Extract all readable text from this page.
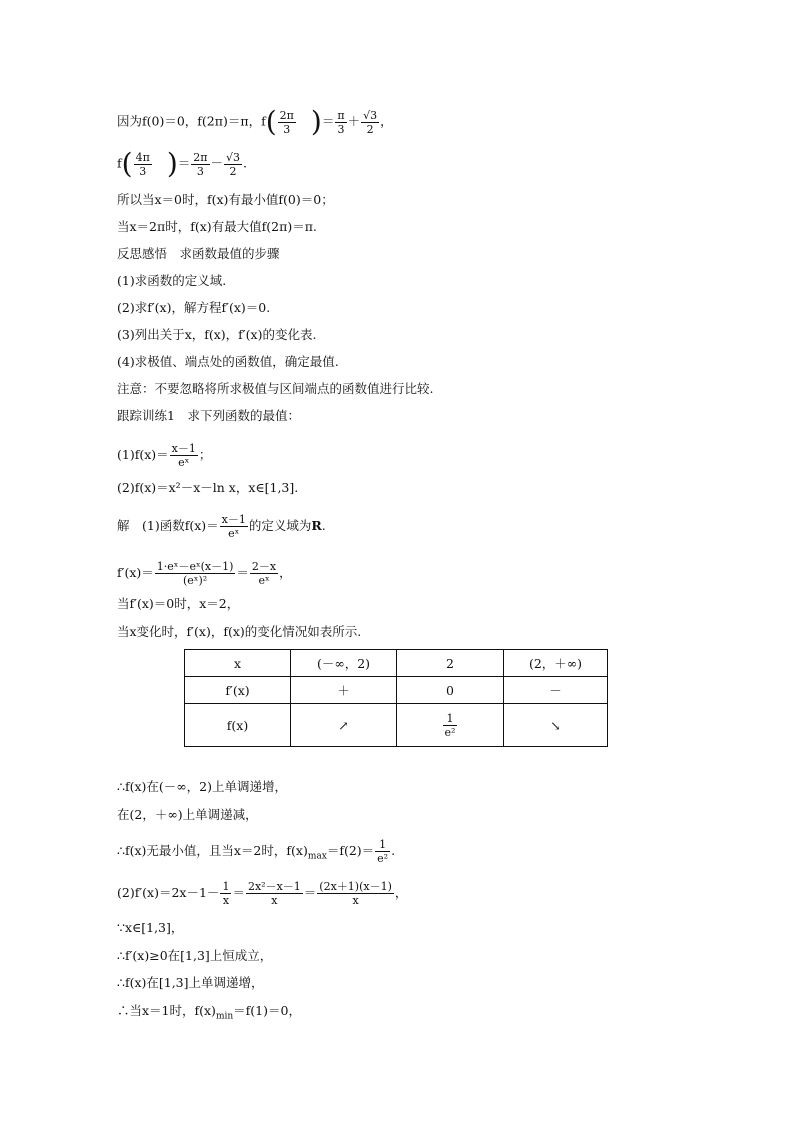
因为f(0)＝0，f(2π)＝π，$f( \frac{2\pi}{3}$ )＝ $\frac{\pi}{3} + \frac{√3}{2}$ ，
$f( \frac{4\pi}{3}$ )＝ $\frac{2\pi}{3} - \frac{√3}{2}$ .
所以当x＝0时，f(x)有最小值f(0)＝0；
当x＝2π时，f(x)有最大值f(2π)＝π.
反思感悟　求函数最值的步骤
(1)求函数的定义域.
(2)求f′(x)，解方程f′(x)＝0.
(3)列出关于x，f(x)，f′(x)的变化表.
(4)求极值、端点处的函数值，确定最值.
注意：不要忽略将所求极值与区间端点的函数值进行比较.
跟踪训练1　求下列函数的最值：
$(1)f(x)= \frac{x-1}{\text{eˣ}}$ ；
(2)f(x)＝x²－x－ln x，x∈[1,3].
解　(1)函数$f(x)= \frac{x-1}{\text{eˣ}}$ 的定义域为R.
$f'(x)= \frac{\text{1·eˣ－eˣ(x－1)}}{\text{(eˣ)²}} = \frac{2-x}{\text{eˣ}}$ ，
当f′(x)＝0时，x＝2，
当x变化时，f′(x)，f(x)的变化情况如表所示.
x	(－∞，2)	2	(2，＋∞)
f′(x)	＋	0	－
f(x)	↗	$\frac{1}{\text{e²}}$	↘
∴f(x)在(－∞，2)上单调递增，
在(2，＋∞)上单调递减，
∴f(x)无最小值，且当x＝2时，$f(x)_{max}=f(2)= \frac{1}{\text{e²}}$ .
$(2)f'(x)=2x-1- \frac{1}{x} = \frac{\text{2x²－x－1}}{x} = \frac{(2x+1)(x-1)}{x}$ ，
∵x∈[1,3]，
∴f′(x)≥0在[1,3]上恒成立，
∴f(x)在[1,3]上单调递增，
∴当x＝1时，$f(x)_{min}=f(1)=0$，
